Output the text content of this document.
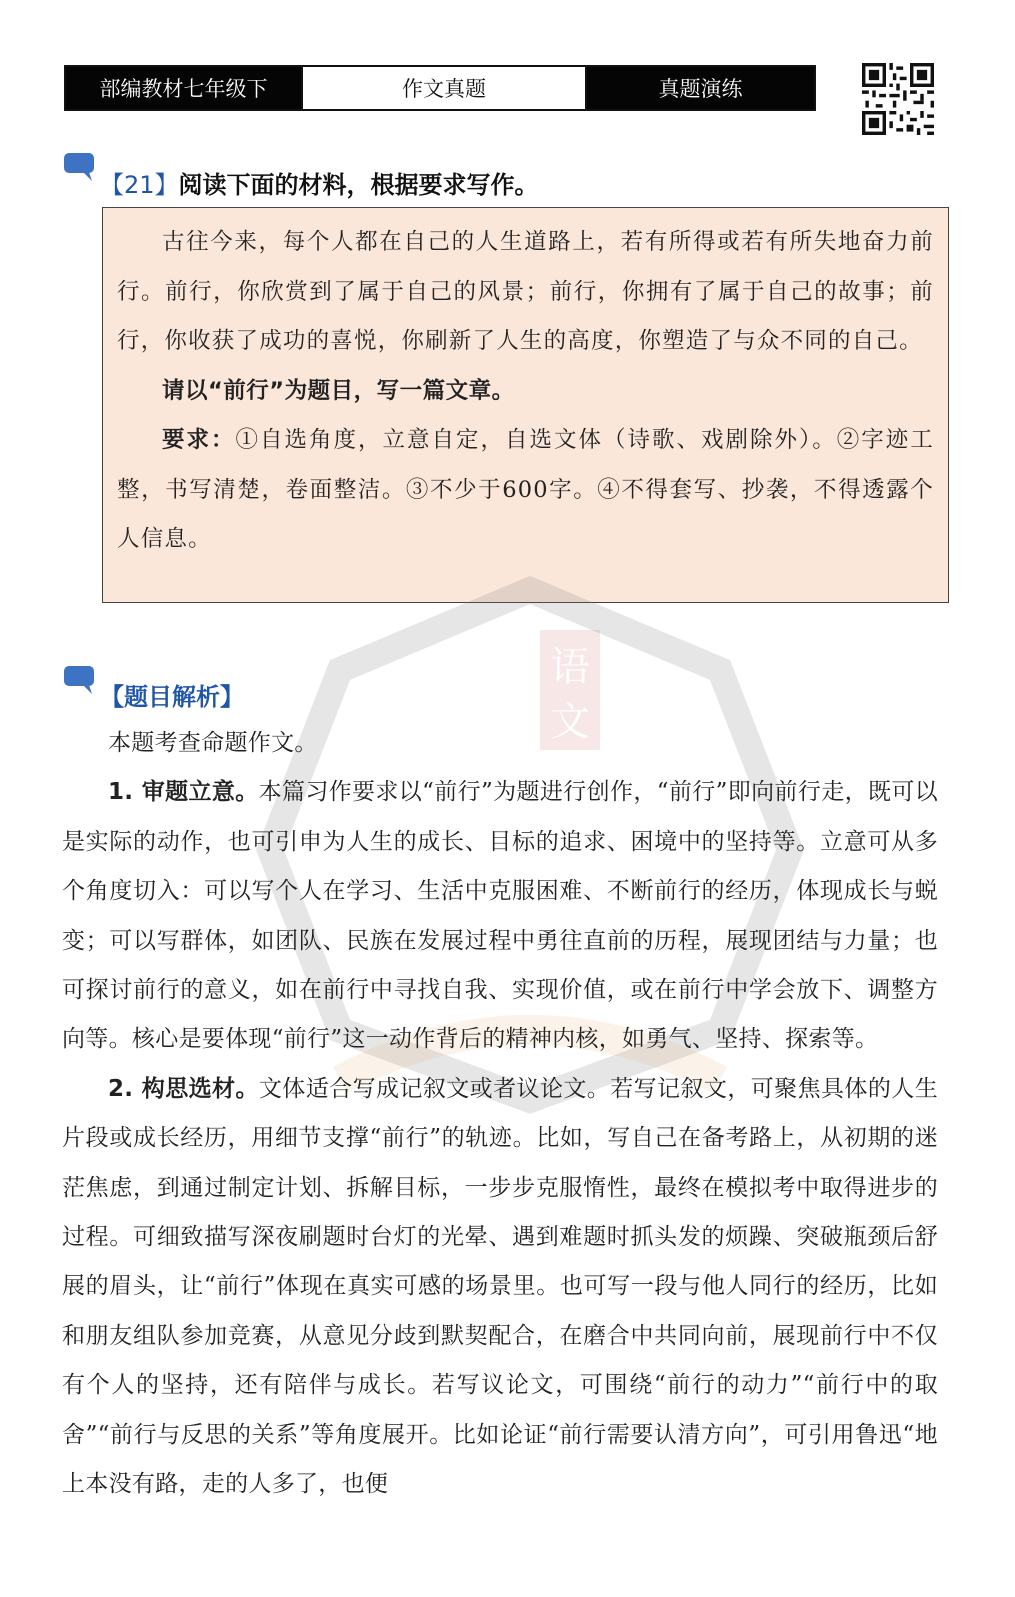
部编教材七年级下	作文真题	真题演练
【21】阅读下面的材料，根据要求写作。

古往今来，每个人都在自己的人生道路上，若有所得或若有所失地奋力前行。前行，你欣赏到了属于自己的风景；前行，你拥有了属于自己的故事；前行，你收获了成功的喜悦，你刷新了人生的高度，你塑造了与众不同的自己。

请以“前行”为题目，写一篇文章。

要求：①自选角度，立意自定，自选文体（诗歌、戏剧除外）。②字迹工整，书写清楚，卷面整洁。③不少于600字。④不得套写、抄袭，不得透露个人信息。

语
文
【题目解析】

本题考查命题作文。

1. 审题立意。本篇习作要求以“前行”为题进行创作，“前行”即向前行走，既可以是实际的动作，也可引申为人生的成长、目标的追求、困境中的坚持等。立意可从多个角度切入：可以写个人在学习、生活中克服困难、不断前行的经历，体现成长与蜕变；可以写群体，如团队、民族在发展过程中勇往直前的历程，展现团结与力量；也可探讨前行的意义，如在前行中寻找自我、实现价值，或在前行中学会放下、调整方向等。核心是要体现“前行”这一动作背后的精神内核，如勇气、坚持、探索等。

2. 构思选材。文体适合写成记叙文或者议论文。若写记叙文，可聚焦具体的人生片段或成长经历，用细节支撑“前行”的轨迹。比如，写自己在备考路上，从初期的迷茫焦虑，到通过制定计划、拆解目标，一步步克服惰性，最终在模拟考中取得进步的过程。可细致描写深夜刷题时台灯的光晕、遇到难题时抓头发的烦躁、突破瓶颈后舒展的眉头，让“前行”体现在真实可感的场景里。也可写一段与他人同行的经历，比如和朋友组队参加竞赛，从意见分歧到默契配合，在磨合中共同向前，展现前行中不仅有个人的坚持，还有陪伴与成长。若写议论文，可围绕“前行的动力”“前行中的取舍”“前行与反思的关系”等角度展开。比如论证“前行需要认清方向”，可引用鲁迅“地上本没有路，走的人多了，也便
